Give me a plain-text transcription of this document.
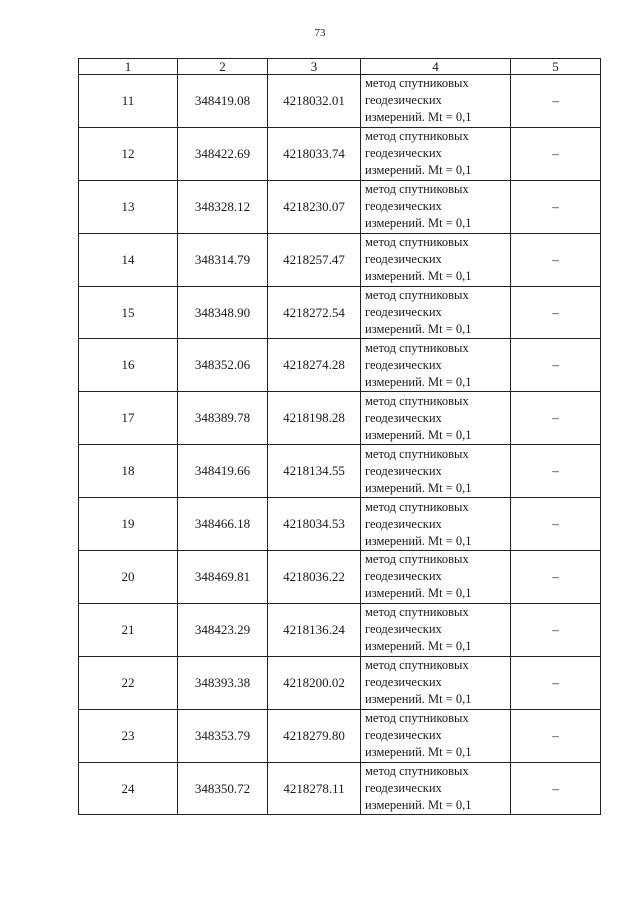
73
1	2	3	4	5
11	348419.08	4218032.01	метод спутниковых
геодезических
измерений. Mt = 0,1	–
12	348422.69	4218033.74	метод спутниковых
геодезических
измерений. Mt = 0,1	–
13	348328.12	4218230.07	метод спутниковых
геодезических
измерений. Mt = 0,1	–
14	348314.79	4218257.47	метод спутниковых
геодезических
измерений. Mt = 0,1	–
15	348348.90	4218272.54	метод спутниковых
геодезических
измерений. Mt = 0,1	–
16	348352.06	4218274.28	метод спутниковых
геодезических
измерений. Mt = 0,1	–
17	348389.78	4218198.28	метод спутниковых
геодезических
измерений. Mt = 0,1	–
18	348419.66	4218134.55	метод спутниковых
геодезических
измерений. Mt = 0,1	–
19	348466.18	4218034.53	метод спутниковых
геодезических
измерений. Mt = 0,1	–
20	348469.81	4218036.22	метод спутниковых
геодезических
измерений. Mt = 0,1	–
21	348423.29	4218136.24	метод спутниковых
геодезических
измерений. Mt = 0,1	–
22	348393.38	4218200.02	метод спутниковых
геодезических
измерений. Mt = 0,1	–
23	348353.79	4218279.80	метод спутниковых
геодезических
измерений. Mt = 0,1	–
24	348350.72	4218278.11	метод спутниковых
геодезических
измерений. Mt = 0,1	–
